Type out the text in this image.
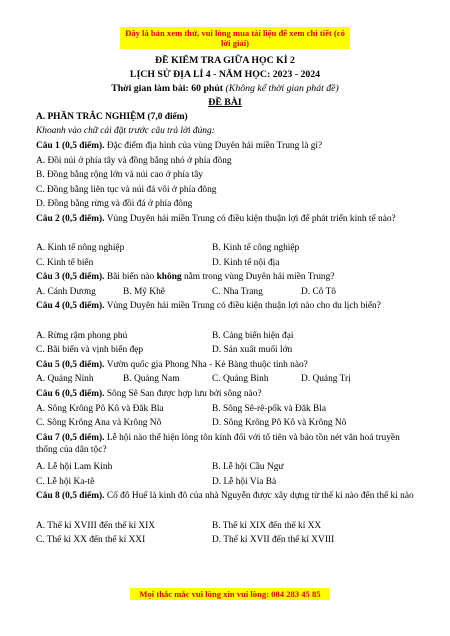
Đây là bản xem thử, vui lòng mua tài liệu để xem chi tiết (có lời giải)
ĐỀ KIỂM TRA GIỮA HỌC KÌ 2
LỊCH SỬ ĐỊA LÍ 4 - NĂM HỌC: 2023 - 2024
Thời gian làm bài: 60 phút (Không kể thời gian phát đề)
ĐỀ BÀI
A. PHẦN TRẮC NGHIỆM (7,0 điểm)
Khoanh vào chữ cái đặt trước câu trả lời đúng:
Câu 1 (0,5 điểm). Đặc điểm địa hình của vùng Duyên hải miền Trung là gì?
A. Đồi núi ở phía tây và đồng bằng nhỏ ở phía đông
B. Đồng bằng rộng lớn và núi cao ở phía tây
C. Đồng bằng liên tục và núi đá vôi ở phía đông
D. Đồng bằng rừng và đồi đá ở phía đông
Câu 2 (0,5 điểm). Vùng Duyên hải miền Trung có điều kiện thuận lợi để phát triển kinh tế nào?
A. Kinh tế nông nghiệp	B. Kinh tế công nghiệp
C. Kinh tế biển	D. Kinh tế nội địa
Câu 3 (0,5 điểm). Bãi biển nào không nằm trong vùng Duyên hải miền Trung?
A. Cánh Dương	B. Mỹ Khê	C. Nha Trang	D. Cô Tô
Câu 4 (0,5 điểm). Vùng Duyên hải miền Trung có điều kiện thuận lợi nào cho du lịch biển?
A. Rừng rậm phong phú	B. Cảng biển hiện đại
C. Bãi biển và vịnh biển đẹp	D. Sản xuất muối lớn
Câu 5 (0,5 điểm). Vườn quốc gia Phong Nha - Kẻ Bàng thuộc tỉnh nào?
A. Quảng Ninh	B. Quảng Nam	C. Quảng Bình	D. Quảng Trị
Câu 6 (0,5 điểm). Sông Sê San được hợp lưu bởi sông nào?
A. Sông Krông Pô Kô và Đăk Bla	B. Sông Sê-rê-pốk và Đăk Bla
C. Sông Krông Ana và Krông Nô	D. Sông Krông Pô Kô và Krông Nô
Câu 7 (0,5 điểm). Lễ hội nào thể hiện lòng tôn kính đối với tổ tiên và bảo tồn nét văn hoá truyền thống của dân tộc?
A. Lễ hội Lam Kinh	B. Lễ hội Cầu Ngư
C. Lễ hội Ka-tê	D. Lễ hội Vía Bà
Câu 8 (0,5 điểm). Cố đô Huế là kinh đô của nhà Nguyễn được xây dựng từ thế kỉ nào đến thế kỉ nào
A. Thế kỉ XVIII đến thế kỉ XIX	B. Thế kỉ XIX đến thế kỉ XX
C. Thế kỉ XX đến thế kỉ XXI	D. Thế kỉ XVII đến thế kỉ XVIII
Mọi thắc mắc vui lòng xin vui lòng: 084 283 45 85
